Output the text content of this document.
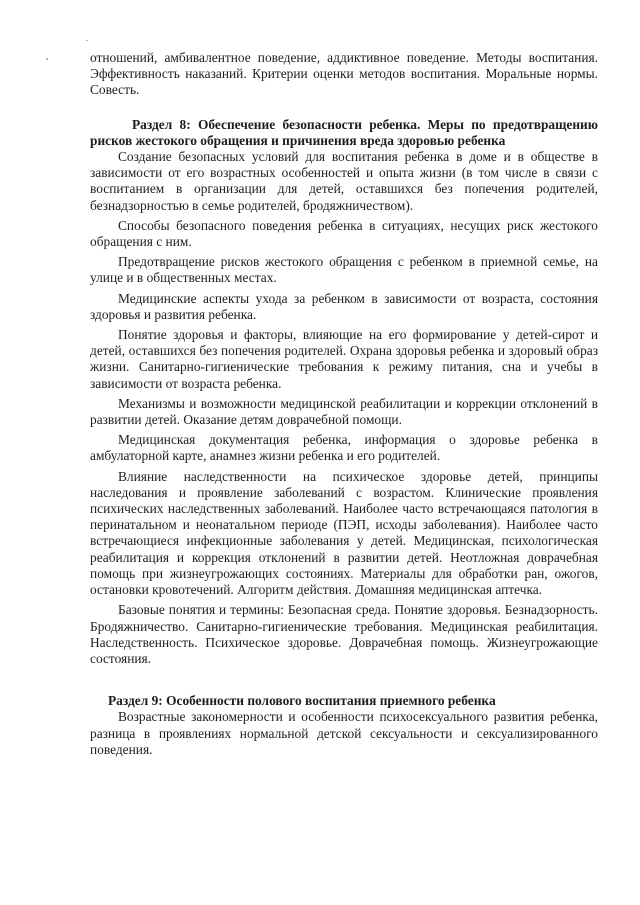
отношений, амбивалентное поведение, аддиктивное поведение. Методы воспитания. Эффективность наказаний. Критерии оценки методов воспитания. Моральные нормы. Совесть.

Раздел 8: Обеспечение безопасности ребенка. Меры по предотвращению рисков жестокого обращения и причинения вреда здоровью ребенка

Создание безопасных условий для воспитания ребенка в доме и в обществе в зависимости от его возрастных особенностей и опыта жизни (в том числе в связи с воспитанием в организации для детей, оставшихся без попечения родителей, безнадзорностью в семье родителей, бродяжничеством).

Способы безопасного поведения ребенка в ситуациях, несущих риск жестокого обращения с ним.

Предотвращение рисков жестокого обращения с ребенком в приемной семье, на улице и в общественных местах.

Медицинские аспекты ухода за ребенком в зависимости от возраста, состояния здоровья и развития ребенка.

Понятие здоровья и факторы, влияющие на его формирование у детей-сирот и детей, оставшихся без попечения родителей. Охрана здоровья ребенка и здоровый образ жизни. Санитарно-гигиенические требования к режиму питания, сна и учебы в зависимости от возраста ребенка.

Механизмы и возможности медицинской реабилитации и коррекции отклонений в развитии детей. Оказание детям доврачебной помощи.

Медицинская документация ребенка, информация о здоровье ребенка в амбулаторной карте, анамнез жизни ребенка и его родителей.

Влияние наследственности на психическое здоровье детей, принципы наследования и проявление заболеваний с возрастом. Клинические проявления психических наследственных заболеваний. Наиболее часто встречающаяся патология в перинатальном и неонатальном периоде (ПЭП, исходы заболевания). Наиболее часто встречающиеся инфекционные заболевания у детей. Медицинская, психологическая реабилитация и коррекция отклонений в развитии детей. Неотложная доврачебная помощь при жизнеугрожающих состояниях. Материалы для обработки ран, ожогов, остановки кровотечений. Алгоритм действия. Домашняя медицинская аптечка.

Базовые понятия и термины: Безопасная среда. Понятие здоровья. Безнадзорность. Бродяжничество. Санитарно-гигиенические требования. Медицинская реабилитация. Наследственность. Психическое здоровье. Доврачебная помощь. Жизнеугрожающие состояния.

Раздел 9: Особенности полового воспитания приемного ребенка

Возрастные закономерности и особенности психосексуального развития ребенка, разница в проявлениях нормальной детской сексуальности и сексуализированного поведения.
